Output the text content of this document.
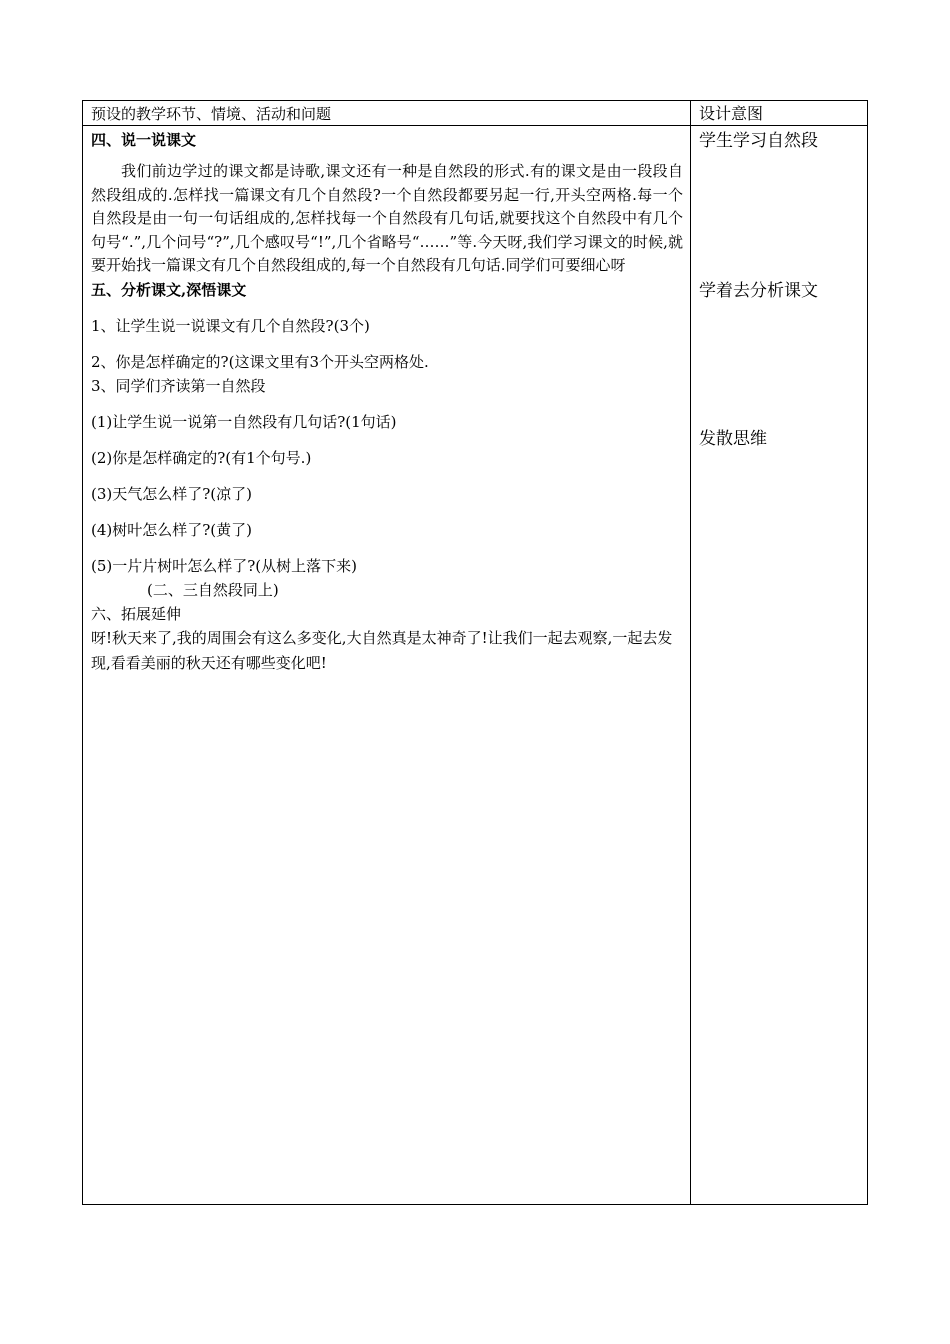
预设的教学环节、情境、活动和问题	设计意图

四、说一说课文

我们前边学过的课文都是诗歌,课文还有一种是自然段的形式.有的课文是由一段段自然段组成的.怎样找一篇课文有几个自然段?一个自然段都要另起一行,开头空两格.每一个自然段是由一句一句话组成的,怎样找每一个自然段有几句话,就要找这个自然段中有几个句号“.”,几个问号“?”,几个感叹号“!”,几个省略号“……”等.今天呀,我们学习课文的时候,就要开始找一篇课文有几个自然段组成的,每一个自然段有几句话.同学们可要细心呀

五、分析课文,深悟课文

1、让学生说一说课文有几个自然段?(3个)

2、你是怎样确定的?(这课文里有3个开头空两格处.

3、同学们齐读第一自然段

(1)让学生说一说第一自然段有几句话?(1句话)

(2)你是怎样确定的?(有1个句号.)

(3)天气怎么样了?(凉了)

(4)树叶怎么样了?(黄了)

(5)一片片树叶怎么样了?(从树上落下来)

(二、三自然段同上)

六、拓展延伸

呀!秋天来了,我的周围会有这么多变化,大自然真是太神奇了!让我们一起去观察,一起去发现,看看美丽的秋天还有哪些变化吧!

学生学习自然段
学着去分析课文
发散思维
